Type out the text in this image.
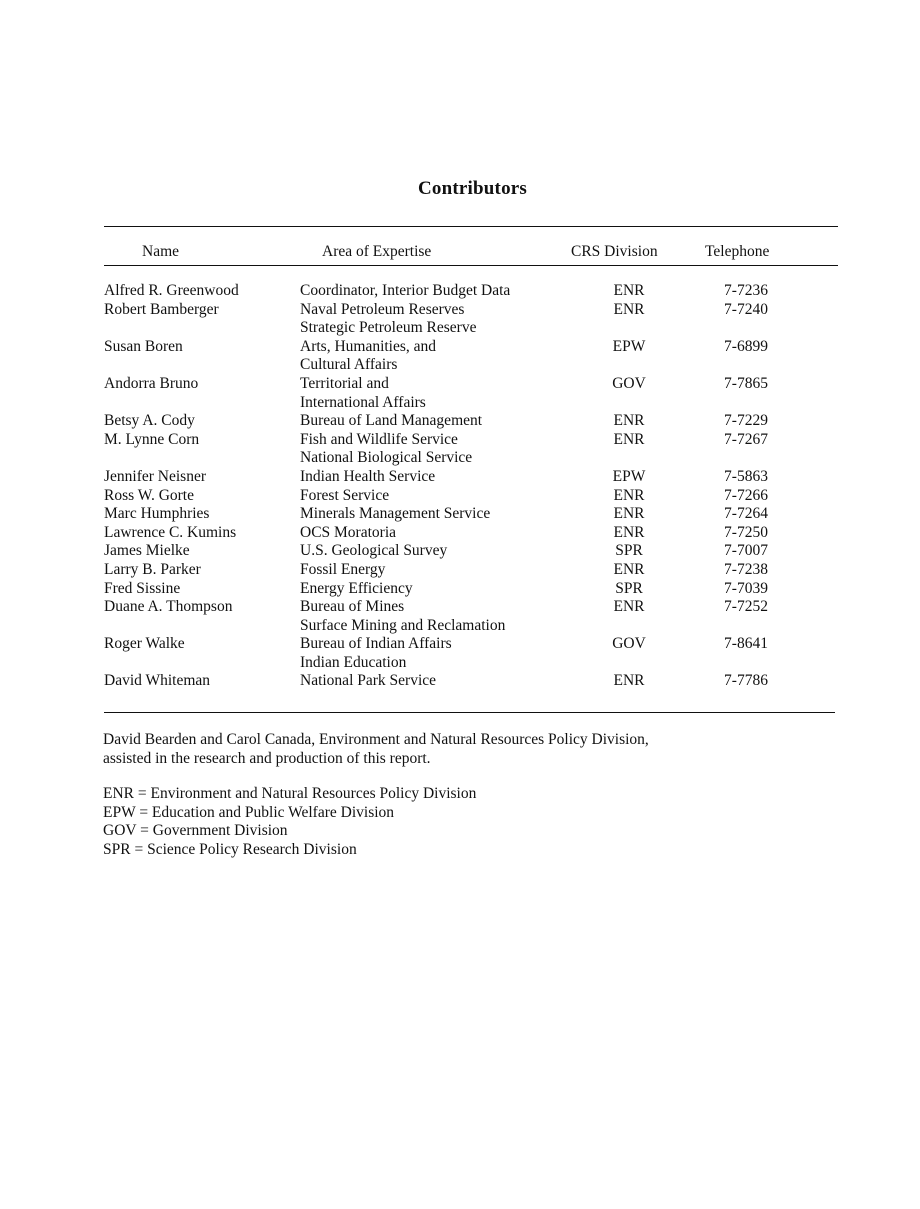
Contributors
Name	Area of Expertise	CRS Division	Telephone
Alfred R. Greenwood	Coordinator, Interior Budget Data	ENR	7-7236
Robert Bamberger	Naval Petroleum Reserves	ENR	7-7240
Strategic Petroleum Reserve
Susan Boren	Arts, Humanities, and	EPW	7-6899
Cultural Affairs
Andorra Bruno	Territorial and	GOV	7-7865
International Affairs
Betsy A. Cody	Bureau of Land Management	ENR	7-7229
M. Lynne Corn	Fish and Wildlife Service	ENR	7-7267
National Biological Service
Jennifer Neisner	Indian Health Service	EPW	7-5863
Ross W. Gorte	Forest Service	ENR	7-7266
Marc Humphries	Minerals Management Service	ENR	7-7264
Lawrence C. Kumins	OCS Moratoria	ENR	7-7250
James Mielke	U.S. Geological Survey	SPR	7-7007
Larry B. Parker	Fossil Energy	ENR	7-7238
Fred Sissine	Energy Efficiency	SPR	7-7039
Duane A. Thompson	Bureau of Mines	ENR	7-7252
Surface Mining and Reclamation
Roger Walke	Bureau of Indian Affairs	GOV	7-8641
Indian Education
David Whiteman	National Park Service	ENR	7-7786
David Bearden and Carol Canada, Environment and Natural Resources Policy Division,
assisted in the research and production of this report.
ENR = Environment and Natural Resources Policy Division
EPW = Education and Public Welfare Division
GOV = Government Division
SPR = Science Policy Research Division
